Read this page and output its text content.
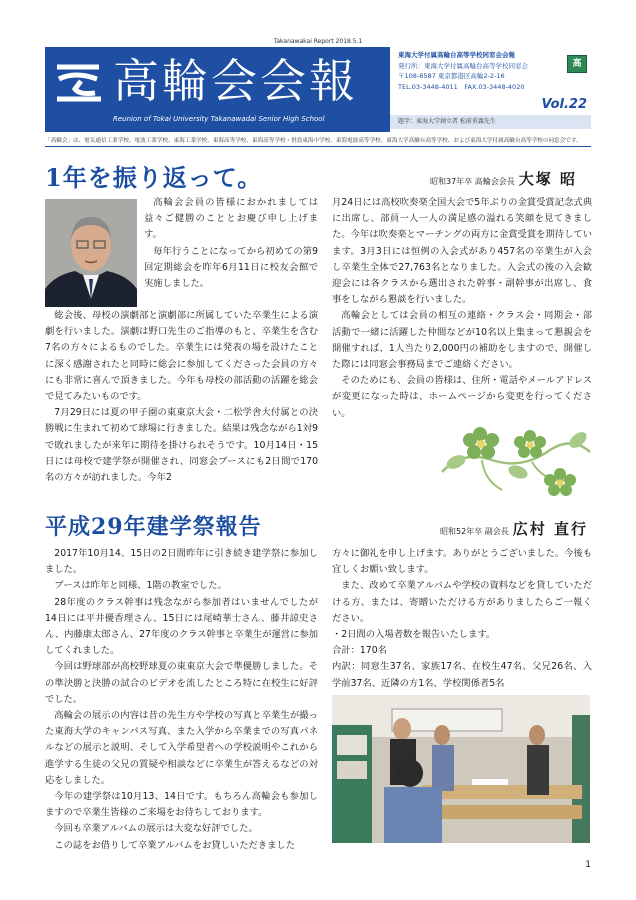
Takanawakai Report 2018.5.1
高輪会会報
Reunion of Tokai University Takanawadai Senior High School
東海大学付属高輪台高等学校同窓会会報
発行所：東海大学付属高輪台高等学校同窓会
〒108-8587 東京都港区高輪2-2-16
TEL.03-3448-4011　FAX.03-3448-4020
高
Vol.22
題字：東海大学創立者 松前重義先生
「高輪会」は、電気通信工業学校、電波工業学校、東海工業学校、東海高等学校、東海高等学校・併設東海中学校、東海電波高等学校、東海大学高輪台高等学校、および東海大学付属高輪台高等学校の同窓会です。
1年を振り返って。	昭和37年卒 高輪会会長 大塚 昭

高輪会会員の皆様におかれましては益々ご健勝のこととお慶び申し上げます。

毎年行うことになってから初めての第9回定期総会を昨年6月11日に校友会館で実施しました。

総会後、母校の演劇部と演劇部に所属していた卒業生による演劇を行いました。演劇は野口先生のご指導のもと、卒業生を含む7名の方々によるものでした。卒業生には発表の場を設けたことに深く感謝されたと同時に総会に参加してくださった会員の方々にも非常に喜んで頂きました。今年も母校の部活動の活躍を総会で見てみたいものです。

7月29日には夏の甲子園の東東京大会・二松学舎大付属との決勝戦に生まれて初めて球場に行きました。結果は残念ながら1対9で敗れましたが来年に期待を掛けられそうです。10月14日・15日には母校で建学祭が開催され、同窓会ブースにも2日間で170名の方々が訪れました。今年2

月24日には高校吹奏楽全国大会で5年ぶりの金賞受賞記念式典に出席し、部員一人一人の満足感の溢れる笑顔を見てきました。今年は吹奏楽とマーチングの両方に金賞受賞を期待しています。3月3日には恒例の入会式があり457名の卒業生が入会し卒業生全体で27,763名となりました。入会式の後の入会歓迎会には各クラスから選出された幹事・副幹事が出席し、食事をしながら懇談を行いました。

高輪会としては会員の相互の連絡・クラス会・同期会・部活動で一緒に活躍した仲間などが10名以上集まって懇親会を開催すれば、1人当たり2,000円の補助をしますので、開催した際には同窓会事務局までご連絡ください。

そのためにも、会員の皆様は、住所・電話やメールアドレスが変更になった時は、ホームページから変更を行ってください。

平成29年建学祭報告	昭和52年卒 副会長 広村 直行

2017年10月14、15日の2日間昨年に引き続き建学祭に参加しました。

ブースは昨年と同様、1階の教室でした。

28年度のクラス幹事は残念ながら参加者はいませんでしたが14日には平井優香理さん、15日には尾崎華士さん、藤井諒史さん、内藤康太郎さん、27年度のクラス幹事と卒業生が運営に参加してくれました。

今回は野球部が高校野球夏の東東京大会で準優勝しました。その準決勝と決勝の試合のビデオを流したところ特に在校生に好評でした。

高輪会の展示の内容は昔の先生方や学校の写真と卒業生が撮った東海大学のキャンパス写真、また入学から卒業までの写真パネルなどの展示と説明、そして入学希望者への学校説明やこれから進学する生徒の父兄の質疑や相談などに卒業生が答えるなどの対応をしました。

今年の建学祭は10月13、14日です。もちろん高輪会も参加しますので卒業生皆様のご来場をお待ちしております。

今回も卒業アルバムの展示は大変な好評でした。

この誌をお借りして卒業アルバムをお貸しいただきました

方々に御礼を申し上げます。ありがとうございました。今後も宜しくお願い致します。

また、改めて卒業アルバムや学校の資料などを貸していただける方、または、寄贈いただける方がありましたらご一報ください。

・2日間の入場者数を報告いたします。

合計：170名

内訳：同窓生37名、家族17名、在校生47名、父兄26名、入学前37名、近隣の方1名、学校関係者5名

1
